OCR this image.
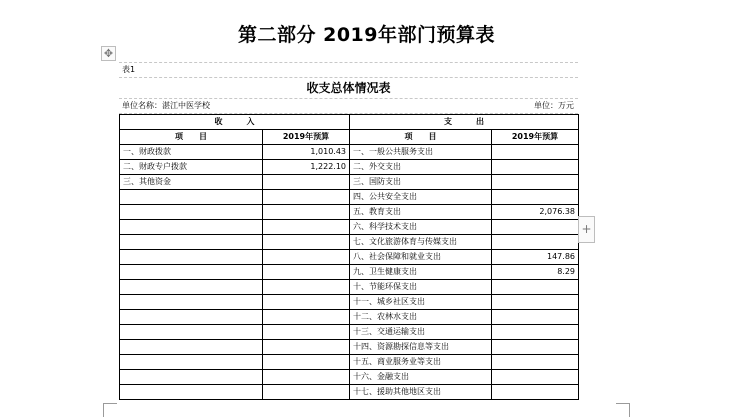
第二部分 2019年部门预算表
✥
表1
收支总体情况表
单位名称：湛江中医学校	单位：万元
收　　　入		支　　　出	
项　　目	2019年预算	项　　目	2019年预算
一、财政拨款	1,010.43	一、一般公共服务支出	
二、财政专户拨款	1,222.10	二、外交支出	
三、其他资金		三、国防支出	
		四、公共安全支出	
		五、教育支出	2,076.38
		六、科学技术支出	
		七、文化旅游体育与传媒支出	
		八、社会保障和就业支出	147.86
		九、卫生健康支出	8.29
		十、节能环保支出	
		十一、城乡社区支出	
		十二、农林水支出	
		十三、交通运输支出	
		十四、资源勘探信息等支出	
		十五、商业服务业等支出	
		十六、金融支出	
		十七、援助其他地区支出	
+
